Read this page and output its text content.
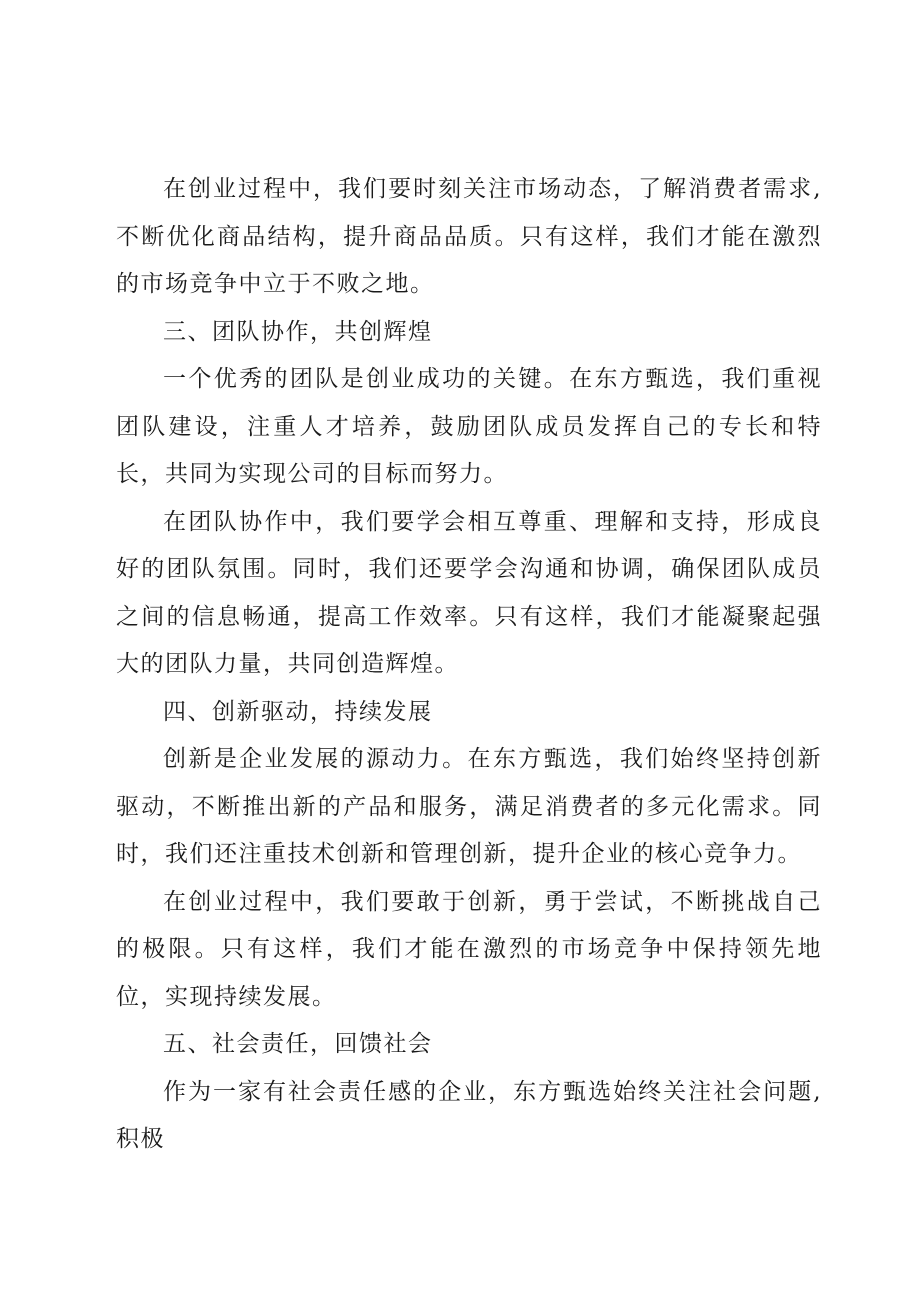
在创业过程中，我们要时刻关注市场动态，了解消费者需求,不断优化商品结构，提升商品品质。只有这样，我们才能在激烈的市场竞争中立于不败之地。

三、团队协作，共创辉煌

一个优秀的团队是创业成功的关键。在东方甄选，我们重视团队建设，注重人才培养，鼓励团队成员发挥自己的专长和特长，共同为实现公司的目标而努力。

在团队协作中，我们要学会相互尊重、理解和支持，形成良好的团队氛围。同时，我们还要学会沟通和协调，确保团队成员之间的信息畅通，提高工作效率。只有这样，我们才能凝聚起强大的团队力量，共同创造辉煌。

四、创新驱动，持续发展

创新是企业发展的源动力。在东方甄选，我们始终坚持创新驱动，不断推出新的产品和服务，满足消费者的多元化需求。同时，我们还注重技术创新和管理创新，提升企业的核心竞争力。

在创业过程中，我们要敢于创新，勇于尝试，不断挑战自己的极限。只有这样，我们才能在激烈的市场竞争中保持领先地位，实现持续发展。

五、社会责任，回馈社会

作为一家有社会责任感的企业，东方甄选始终关注社会问题,积极
